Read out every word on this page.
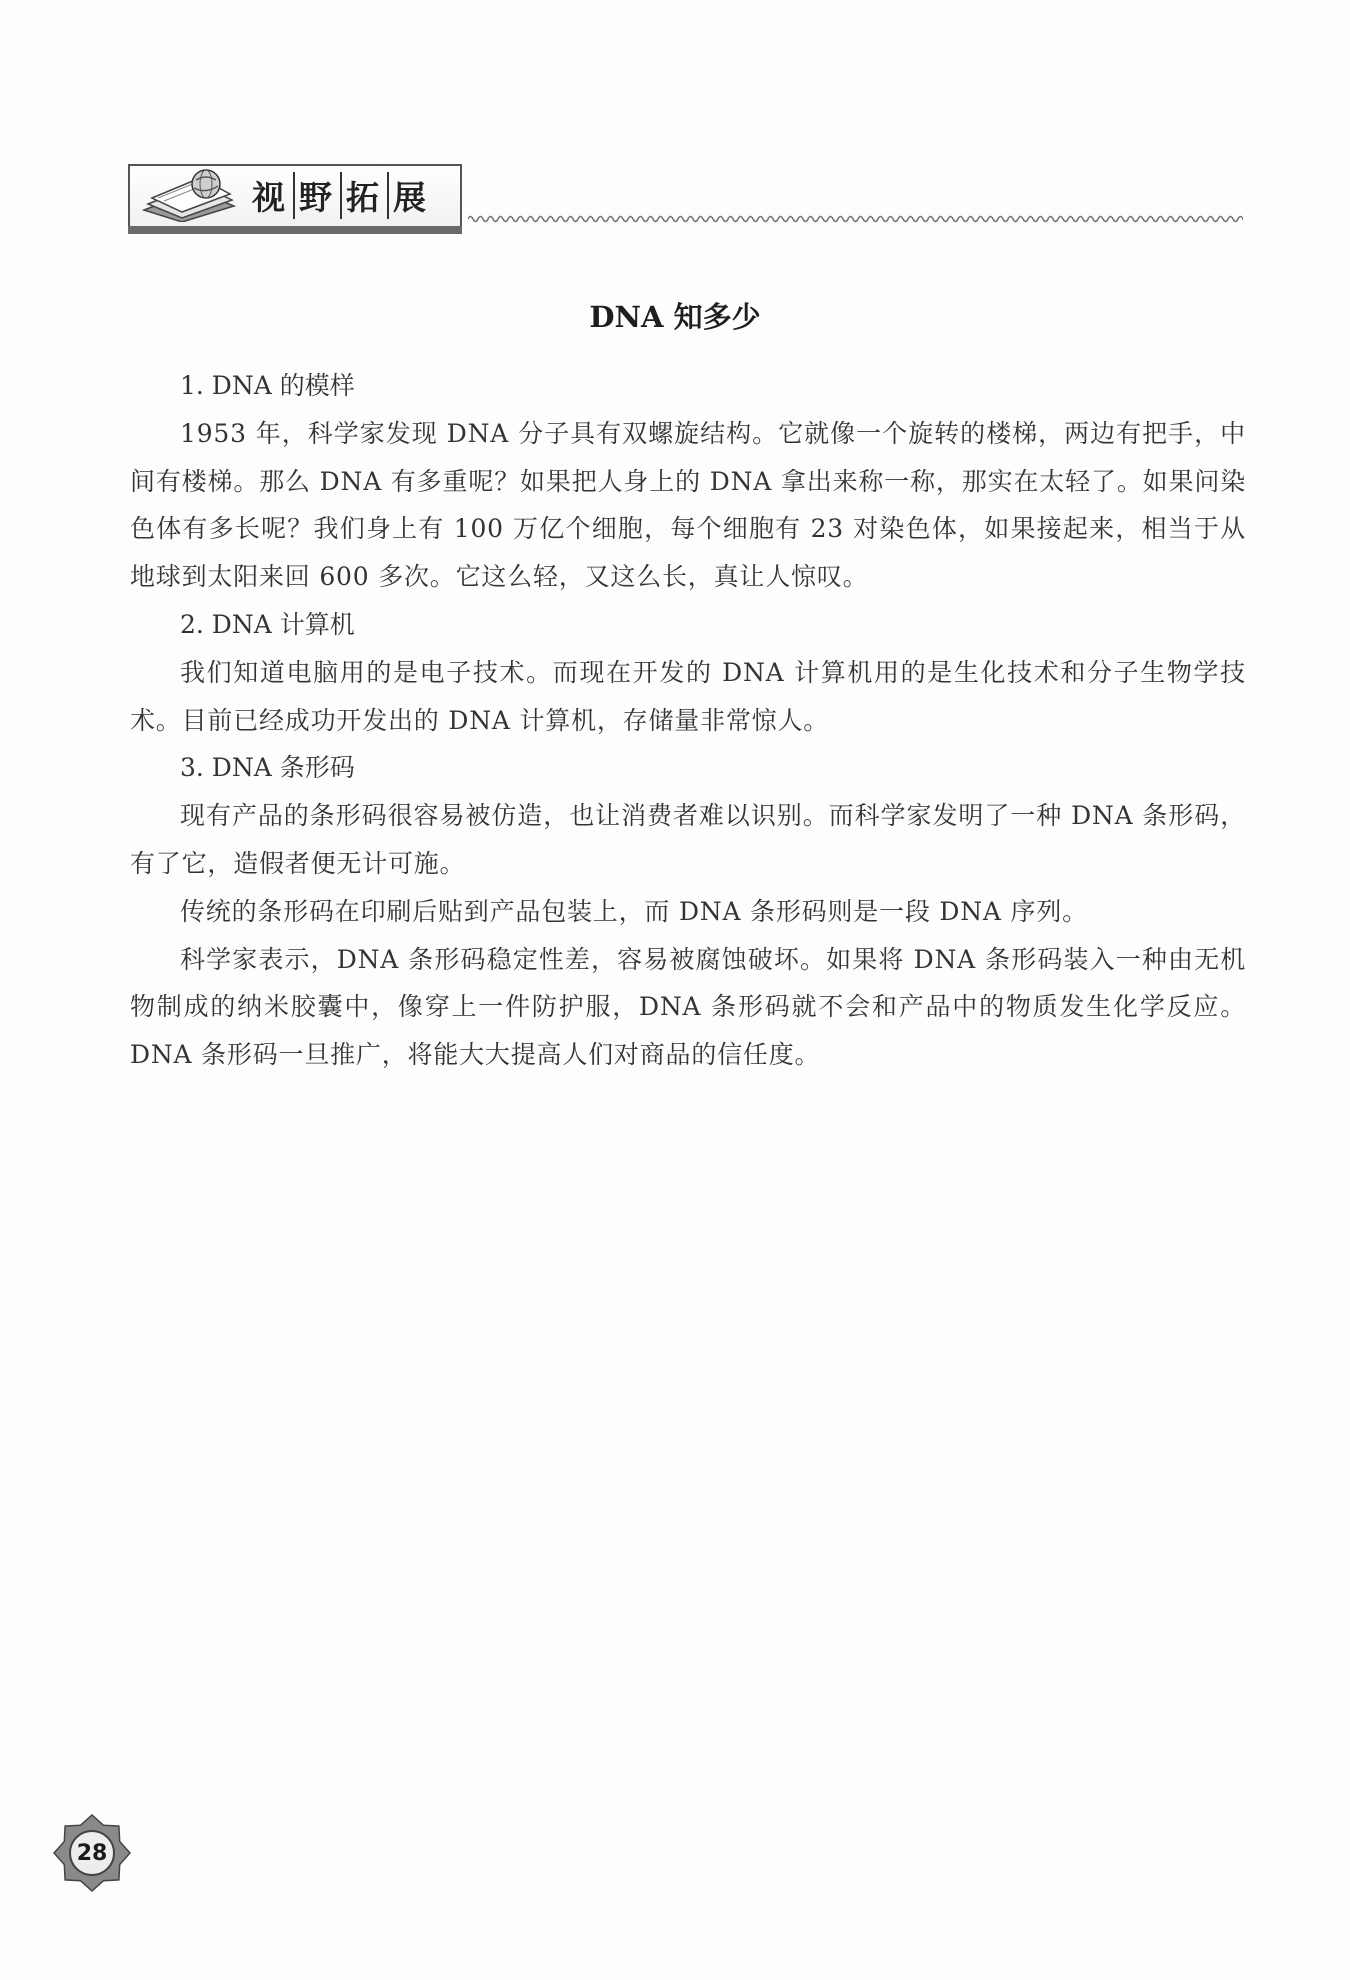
视 野 拓 展
DNA 知多少
1. DNA 的模样

1953 年，科学家发现 DNA 分子具有双螺旋结构。它就像一个旋转的楼梯，两边有把手，中间有楼梯。那么 DNA 有多重呢？如果把人身上的 DNA 拿出来称一称，那实在太轻了。如果问染色体有多长呢？我们身上有 100 万亿个细胞，每个细胞有 23 对染色体，如果接起来，相当于从地球到太阳来回 600 多次。它这么轻，又这么长，真让人惊叹。

2. DNA 计算机

我们知道电脑用的是电子技术。而现在开发的 DNA 计算机用的是生化技术和分子生物学技术。目前已经成功开发出的 DNA 计算机，存储量非常惊人。

3. DNA 条形码

现有产品的条形码很容易被仿造，也让消费者难以识别。而科学家发明了一种 DNA 条形码，有了它，造假者便无计可施。

传统的条形码在印刷后贴到产品包装上，而 DNA 条形码则是一段 DNA 序列。

科学家表示，DNA 条形码稳定性差，容易被腐蚀破坏。如果将 DNA 条形码装入一种由无机物制成的纳米胶囊中，像穿上一件防护服，DNA 条形码就不会和产品中的物质发生化学反应。DNA 条形码一旦推广，将能大大提高人们对商品的信任度。

28
